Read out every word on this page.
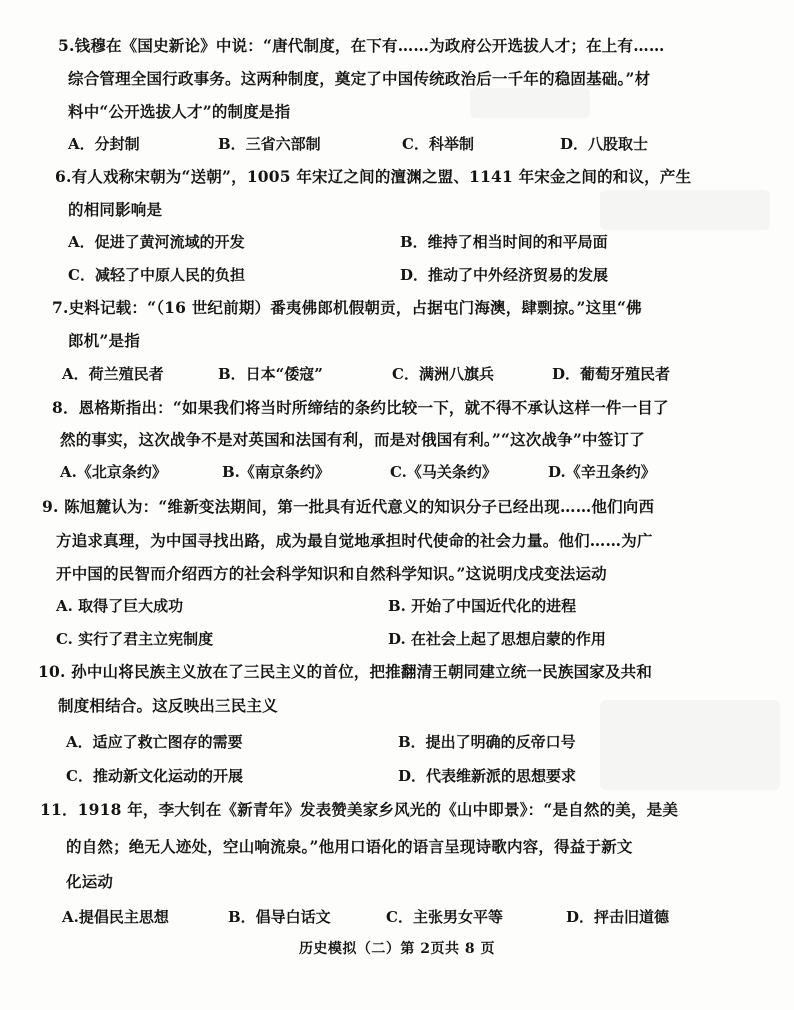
5.钱穆在《国史新论》中说：“唐代制度，在下有……为政府公开选拔人才；在上有……
综合管理全国行政事务。这两种制度，奠定了中国传统政治后一千年的稳固基础。”材
料中“公开选拔人才”的制度是指
A．分封制	B．三省六部制	C．科举制	D．八股取士
6.有人戏称宋朝为“送朝”，1005 年宋辽之间的澶渊之盟、1141 年宋金之间的和议，产生
的相同影响是
A．促进了黄河流域的开发	B．维持了相当时间的和平局面
C．减轻了中原人民的负担	D．推动了中外经济贸易的发展
7.史料记载：“（16 世纪前期）番夷佛郎机假朝贡，占据屯门海澳，肆剽掠。”这里“佛
郎机”是指
A．荷兰殖民者	B．日本“倭寇”	C．满洲八旗兵	D．葡萄牙殖民者
8．恩格斯指出：“如果我们将当时所缔结的条约比较一下，就不得不承认这样一件一目了
然的事实，这次战争不是对英国和法国有利，而是对俄国有利。”“这次战争”中签订了
A.《北京条约》	B.《南京条约》	C.《马关条约》	D.《辛丑条约》
9. 陈旭麓认为：“维新变法期间，第一批具有近代意义的知识分子已经出现……他们向西
方追求真理，为中国寻找出路，成为最自觉地承担时代使命的社会力量。他们……为广
开中国的民智而介绍西方的社会科学知识和自然科学知识。”这说明戊戌变法运动
A. 取得了巨大成功	B. 开始了中国近代化的进程
C. 实行了君主立宪制度	D. 在社会上起了思想启蒙的作用
10. 孙中山将民族主义放在了三民主义的首位，把推翻清王朝同建立统一民族国家及共和
制度相结合。这反映出三民主义
A．适应了救亡图存的需要	B．提出了明确的反帝口号
C．推动新文化运动的开展	D．代表维新派的思想要求
11．1918 年，李大钊在《新青年》发表赞美家乡风光的《山中即景》：“是自然的美，是美
的自然；绝无人迹处，空山响流泉。”他用口语化的语言呈现诗歌内容，得益于新文
化运动
A.提倡民主思想	B．倡导白话文	C．主张男女平等	D．抨击旧道德
历史模拟（二）第 2页共 8 页
